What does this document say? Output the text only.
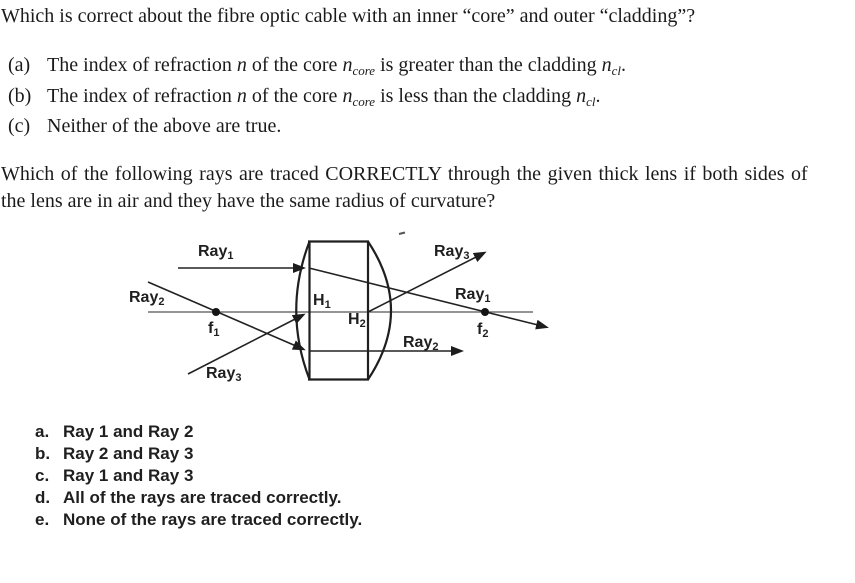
Which is correct about the fibre optic cable with an inner “core” and outer “cladding”?
(a) The index of refraction n of the core $n_{core}$ is greater than the cladding $n_{cl}$.
(b) The index of refraction n of the core $n_{core}$ is less than the cladding $n_{cl}$.
(c) Neither of the above are true.
Which of the following rays are traced CORRECTLY through the given thick lens if both sides of
the lens are in air and they have the same radius of curvature?
Ray1
Ray2
Ray3
f1
H1
H2
Ray3
Ray1
f2
Ray2
a. Ray 1 and Ray 2
b. Ray 2 and Ray 3
c. Ray 1 and Ray 3
d. All of the rays are traced correctly.
e. None of the rays are traced correctly.
